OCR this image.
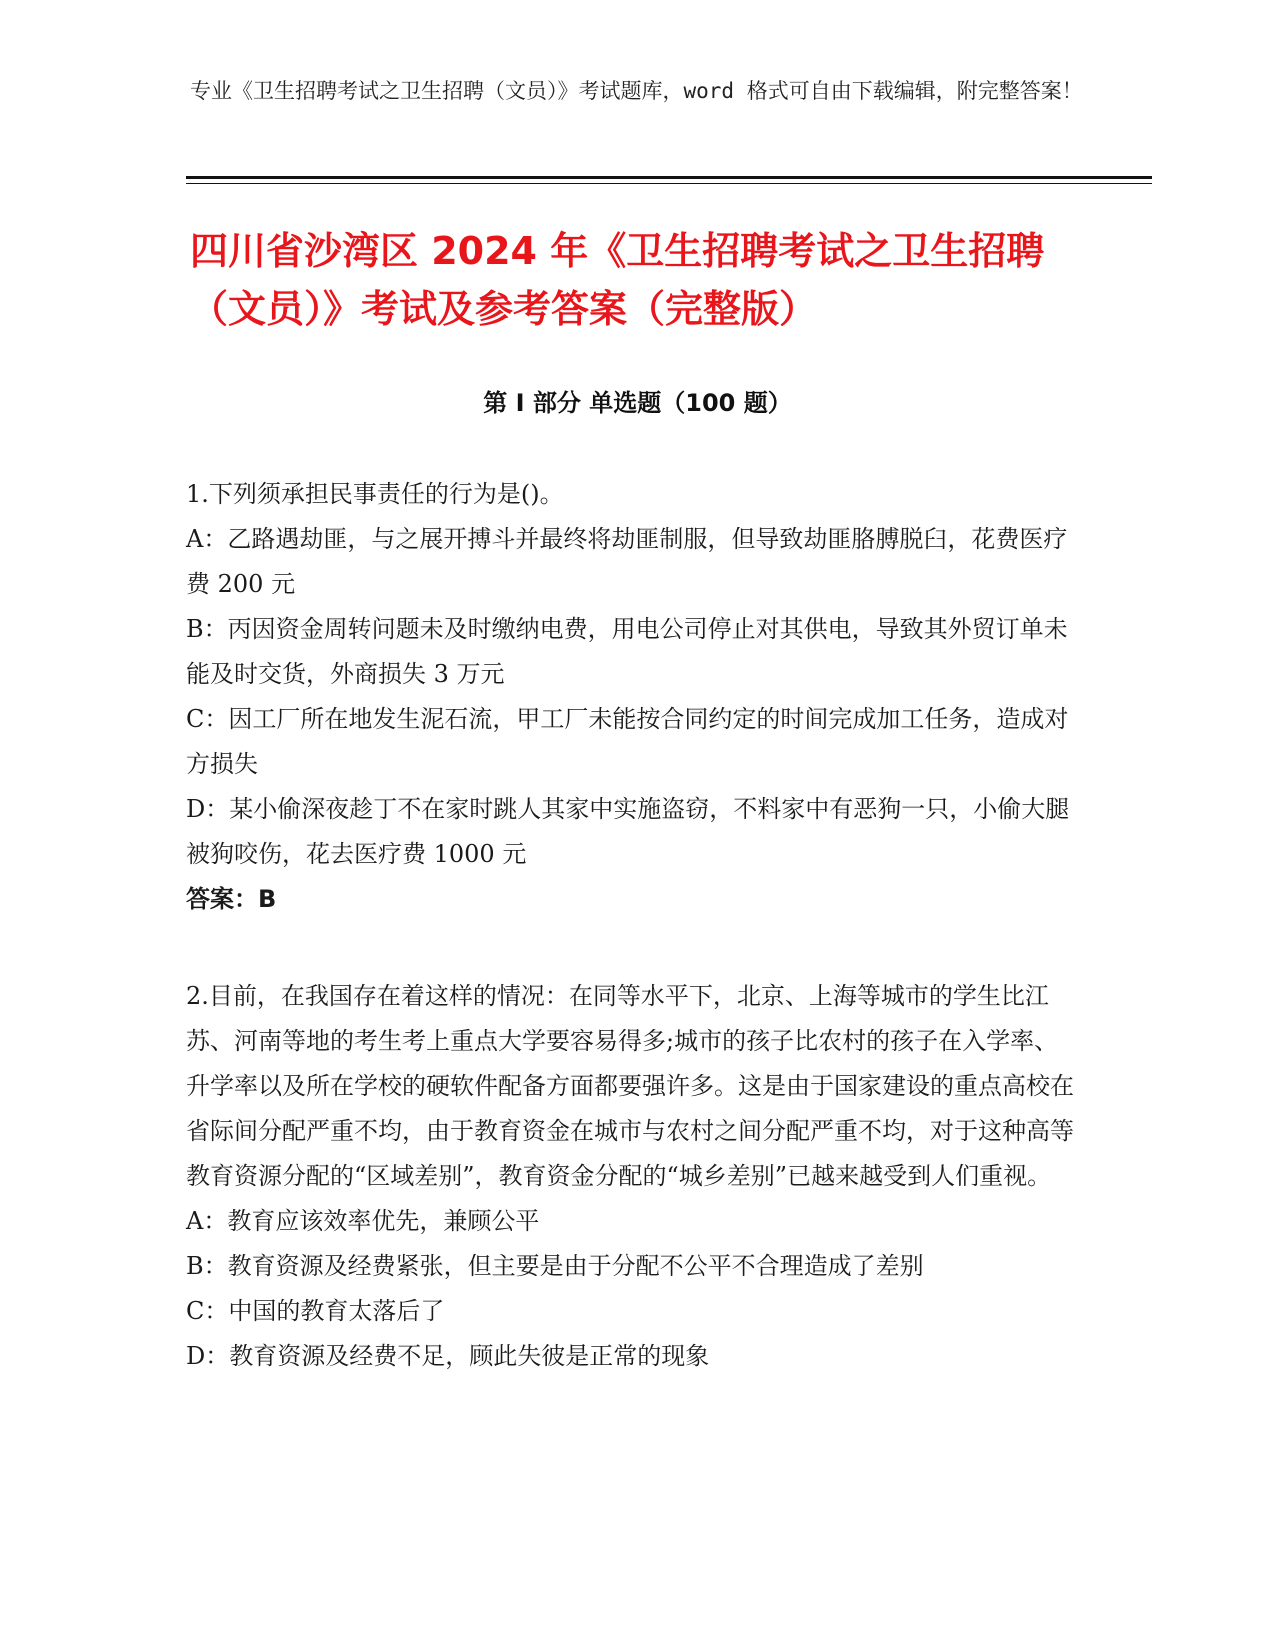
专业《卫生招聘考试之卫生招聘（文员）》考试题库，word 格式可自由下载编辑，附完整答案！
四川省沙湾区 2024 年《卫生招聘考试之卫生招聘（文员）》考试及参考答案（完整版）
第 I 部分 单选题（100 题）
1.下列须承担民事责任的行为是()。
A：乙路遇劫匪，与之展开搏斗并最终将劫匪制服，但导致劫匪胳膊脱臼，花费医疗费 200 元
B：丙因资金周转问题未及时缴纳电费，用电公司停止对其供电，导致其外贸订单未能及时交货，外商损失 3 万元
C：因工厂所在地发生泥石流，甲工厂未能按合同约定的时间完成加工任务，造成对方损失
D：某小偷深夜趁丁不在家时跳人其家中实施盗窃，不料家中有恶狗一只，小偷大腿被狗咬伤，花去医疗费 1000 元
答案：B
2.目前，在我国存在着这样的情况：在同等水平下，北京、上海等城市的学生比江苏、河南等地的考生考上重点大学要容易得多;城市的孩子比农村的孩子在入学率、升学率以及所在学校的硬软件配备方面都要强许多。这是由于国家建设的重点高校在省际间分配严重不均，由于教育资金在城市与农村之间分配严重不均，对于这种高等教育资源分配的“区域差别”，教育资金分配的“城乡差别”已越来越受到人们重视。
A：教育应该效率优先，兼顾公平
B：教育资源及经费紧张，但主要是由于分配不公平不合理造成了差别
C：中国的教育太落后了
D：教育资源及经费不足，顾此失彼是正常的现象
